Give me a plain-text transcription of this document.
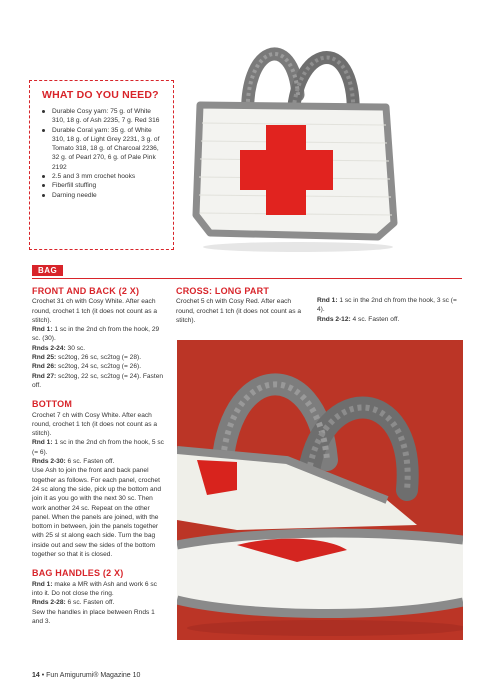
WHAT DO YOU NEED?
Durable Cosy yarn: 75 g. of White 310, 18 g. of Ash 2235, 7 g. Red 316
Durable Coral yarn: 35 g. of White 310, 18 g. of Light Grey 2231, 3 g. of Tomato 318, 18 g. of Charcoal 2236, 32 g. of Pearl 270, 6 g. of Pale Pink 2192
2.5 and 3 mm crochet hooks
Fiberfill stuffing
Darning needle
BAG
FRONT AND BACK (2 X)

Crochet 31 ch with Cosy White. After each round, crochet 1 tch (it does not count as a stitch).

Rnd 1: 1 sc in the 2nd ch from the hook, 29 sc. (30).

Rnds 2-24: 30 sc.

Rnd 25: sc2tog, 26 sc, sc2tog (= 28).

Rnd 26: sc2tog, 24 sc, sc2tog (= 26).

Rnd 27: sc2tog, 22 sc, sc2tog (= 24). Fasten off.

BOTTOM

Crochet 7 ch with Cosy White. After each round, crochet 1 tch (it does not count as a stitch).

Rnd 1: 1 sc in the 2nd ch from the hook, 5 sc (= 6).

Rnds 2-30: 6 sc. Fasten off.

Use Ash to join the front and back panel together as follows. For each panel, crochet 24 sc along the side, pick up the bottom and join it as you go with the next 30 sc. Then work another 24 sc. Repeat on the other panel. When the panels are joined, with the bottom in between, join the panels together with 25 sl st along each side. Turn the bag inside out and sew the sides of the bottom together so that it is closed.

BAG HANDLES (2 X)

Rnd 1: make a MR with Ash and work 6 sc into it. Do not close the ring.

Rnds 2-28: 6 sc. Fasten off.

Sew the handles in place between Rnds 1 and 3.

CROSS: LONG PART

Crochet 5 ch with Cosy Red. After each round, crochet 1 tch (it does not count as a stitch).

Rnd 1: 1 sc in the 2nd ch from the hook, 3 sc (= 4).

Rnds 2-12: 4 sc. Fasten off.

14 • Fun Amigurumi® Magazine 10
